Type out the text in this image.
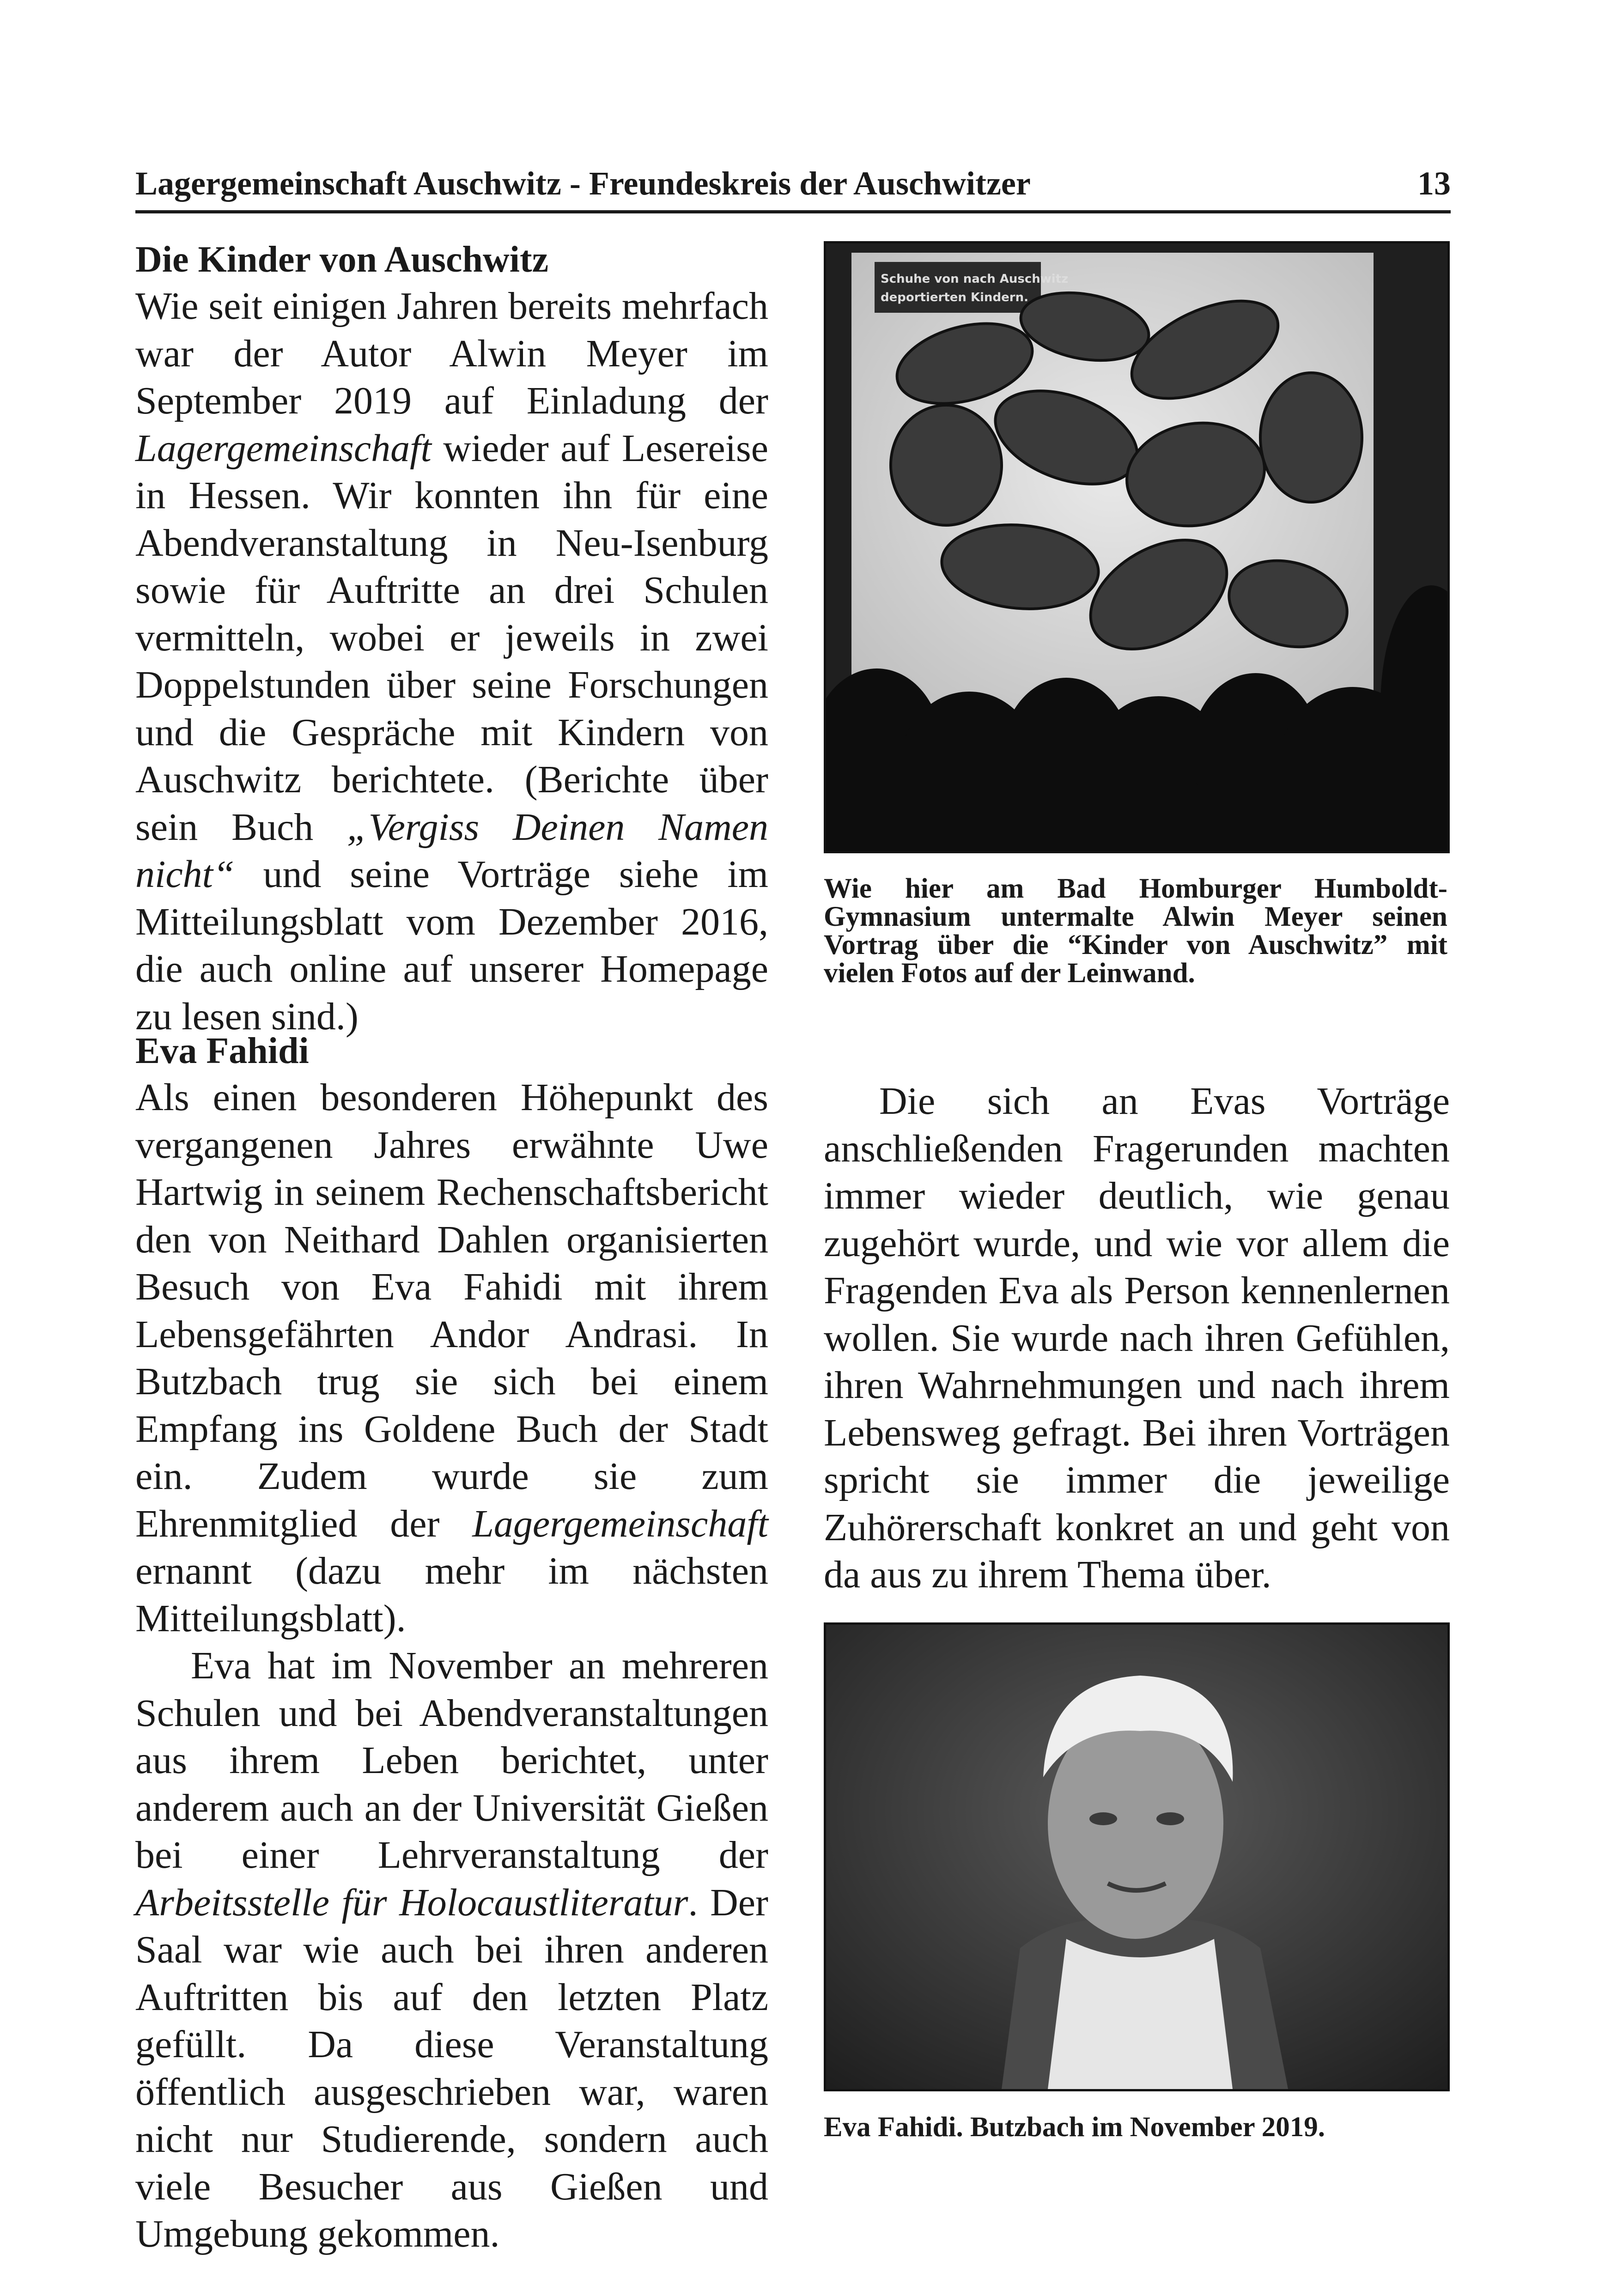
Lagergemeinschaft Auschwitz - Freundeskreis der Auschwitzer	13
Die Kinder von Auschwitz

Wie seit einigen Jahren bereits mehrfach war der Autor Alwin Meyer im September 2019 auf Einladung der Lagergemeinschaft wieder auf Lesereise in Hessen. Wir konnten ihn für eine Abendveranstaltung in Neu-Isenburg sowie für Auftritte an drei Schulen vermitteln, wobei er jeweils in zwei Doppelstunden über seine Forschungen und die Gespräche mit Kindern von Auschwitz berichtete. (Berichte über sein Buch „Vergiss Deinen Namen nicht“ und seine Vorträge siehe im Mitteilungsblatt vom Dezember 2016, die auch online auf unserer Homepage zu lesen sind.)

Eva Fahidi

Als einen besonderen Höhepunkt des vergangenen Jahres erwähnte Uwe Hartwig in seinem Rechenschaftsbericht den von Neithard Dahlen organisierten Besuch von Eva Fahidi mit ihrem Lebensgefährten Andor Andrasi. In Butzbach trug sie sich bei einem Empfang ins Goldene Buch der Stadt ein. Zudem wurde sie zum Ehrenmitglied der Lagergemeinschaft ernannt (dazu mehr im nächsten Mitteilungsblatt).

Eva hat im November an mehreren Schulen und bei Abendveranstaltungen aus ihrem Leben berichtet, unter anderem auch an der Universität Gießen bei einer Lehrveranstaltung der Arbeitsstelle für Holocaustliteratur. Der Saal war wie auch bei ihren anderen Auftritten bis auf den letzten Platz gefüllt. Da diese Veranstaltung öffentlich ausgeschrieben war, waren nicht nur Studierende, sondern auch viele Besucher aus Gießen und Umgebung gekommen.

Schuhe von nach Auschwitz
deportierten Kindern.
Wie hier am Bad Homburger Humboldt-Gymnasium untermalte Alwin Meyer seinen Vortrag über die “Kinder von Auschwitz” mit vielen Fotos auf der Leinwand.

Die sich an Evas Vorträge anschließenden Fragerunden machten immer wieder deutlich, wie genau zugehört wurde, und wie vor allem die Fragenden Eva als Person kennenlernen wollen. Sie wurde nach ihren Gefühlen, ihren Wahrnehmungen und nach ihrem Lebensweg gefragt. Bei ihren Vorträgen spricht sie immer die jeweilige Zuhörerschaft konkret an und geht von da aus zu ihrem Thema über.

Eva Fahidi. Butzbach im November 2019.
